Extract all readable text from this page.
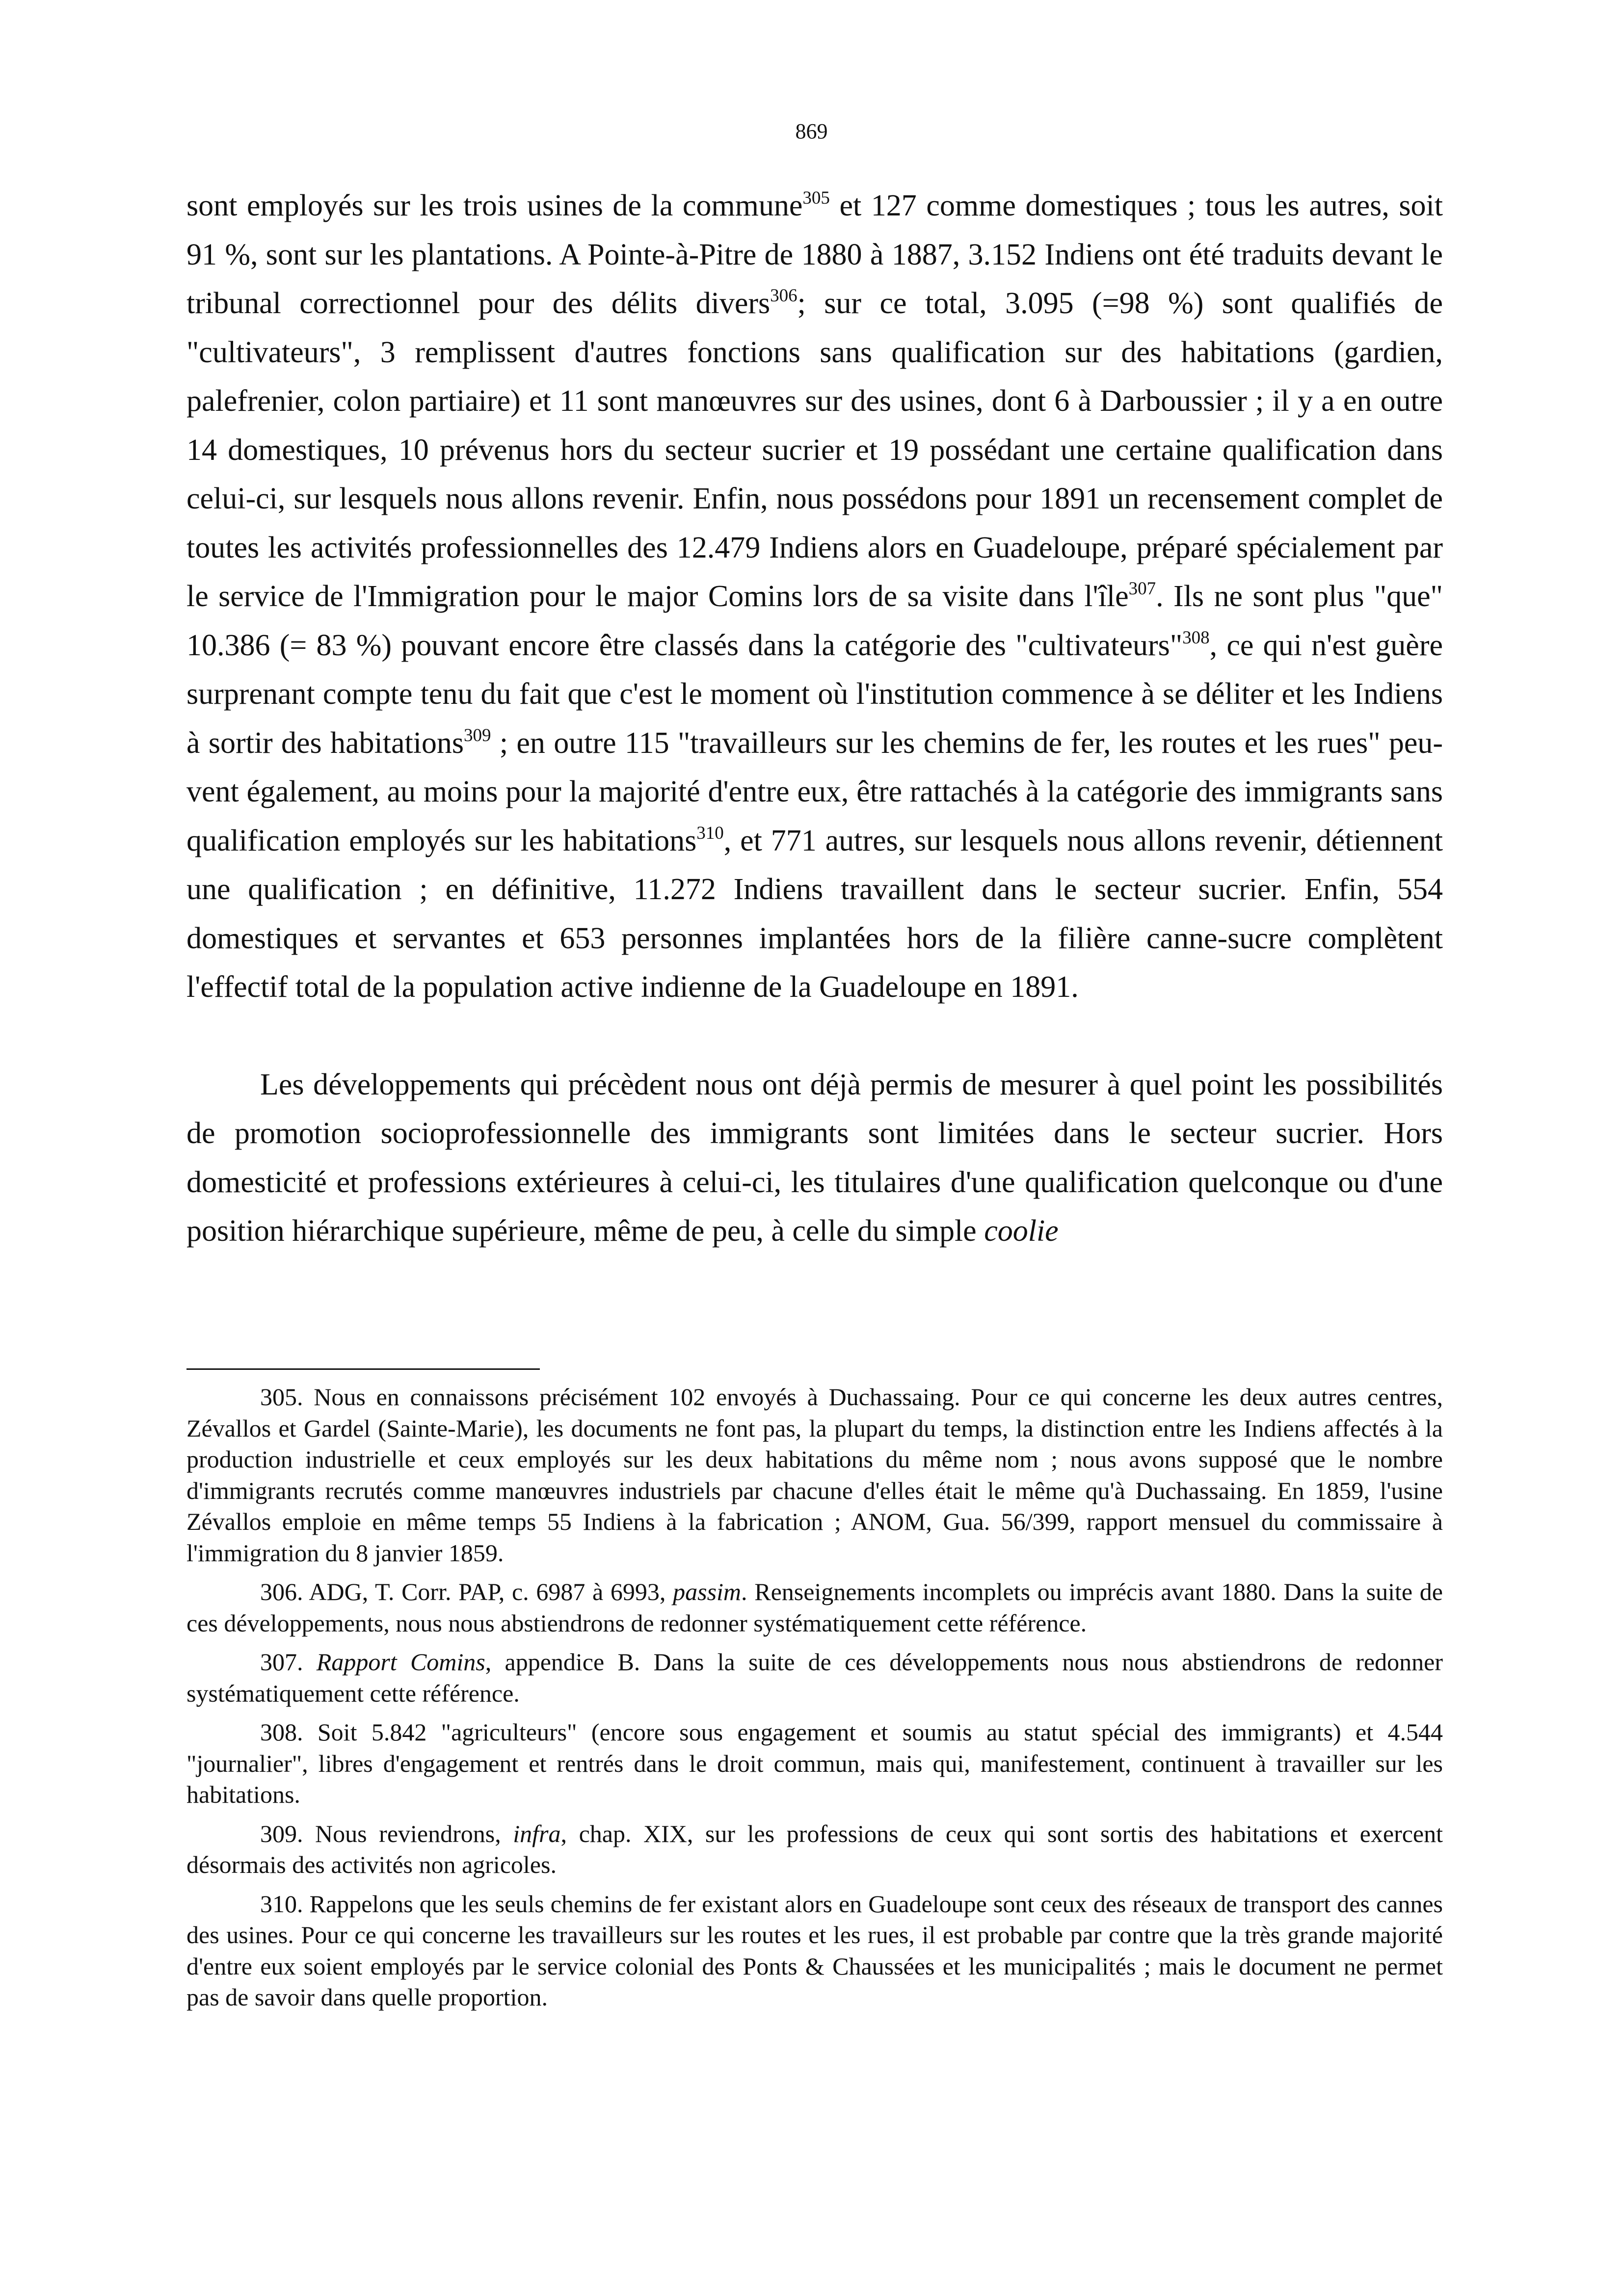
869

sont employés sur les trois usines de la commune$^{305}$ et 127 comme domestiques ; tous les autres, soit 91 %, sont sur les plantations. A Pointe-à-Pitre de 1880 à 1887, 3.152 Indiens ont été traduits devant le tribunal correctionnel pour des délits divers$^{306}$; sur ce total, 3.095 (=98 %) sont qualifiés de "cultivateurs", 3 remplissent d'autres fonctions sans qualification sur des habitations (gardien, palefrenier, colon partiaire) et 11 sont manœuvres sur des usines, dont 6 à Darboussier ; il y a en outre 14 domestiques, 10 prévenus hors du secteur sucrier et 19 possédant une certaine qualification dans celui-ci, sur lesquels nous allons revenir. Enfin, nous possédons pour 1891 un recensement complet de toutes les activités professionnelles des 12.479 Indiens alors en Guadeloupe, préparé spécialement par le service de l'Immigration pour le major Comins lors de sa visite dans l'île$^{307}$. Ils ne sont plus "que" 10.386 (= 83 %) pouvant encore être classés dans la catégorie des "cultivateurs"$^{308}$, ce qui n'est guère surprenant compte tenu du fait que c'est le moment où l'institution commence à se déliter et les Indiens à sortir des habitations$^{309}$ ; en outre 115 "travailleurs sur les chemins de fer, les routes et les rues" peuvent également, au moins pour la majorité d'entre eux, être rattachés à la catégorie des immigrants sans qualification employés sur les habitations$^{310}$, et 771 autres, sur lesquels nous allons revenir, détiennent une qualification ; en définitive, 11.272 Indiens travaillent dans le secteur sucrier. Enfin, 554 domestiques et servantes et 653 personnes implantées hors de la filière canne-sucre complètent l'effectif total de la population active indienne de la Guadeloupe en 1891.

Les développements qui précèdent nous ont déjà permis de mesurer à quel point les possibilités de promotion socioprofessionnelle des immigrants sont limitées dans le secteur sucrier. Hors domesticité et professions extérieures à celui-ci, les titulaires d'une qualification quelconque ou d'une position hiérarchique supérieure, même de peu, à celle du simple coolie

305. Nous en connaissons précisément 102 envoyés à Duchassaing. Pour ce qui concerne les deux autres centres, Zévallos et Gardel (Sainte-Marie), les documents ne font pas, la plupart du temps, la distinction entre les Indiens affectés à la production industrielle et ceux employés sur les deux habitations du même nom ; nous avons supposé que le nombre d'immigrants recrutés comme manœuvres industriels par chacune d'elles était le même qu'à Duchassaing. En 1859, l'usine Zévallos emploie en même temps 55 Indiens à la fabrication ; ANOM, Gua. 56/399, rapport mensuel du commissaire à l'immigration du 8 janvier 1859.

306. ADG, T. Corr. PAP, c. 6987 à 6993, passim. Renseignements incomplets ou imprécis avant 1880. Dans la suite de ces développements, nous nous abstiendrons de redonner systématiquement cette référence.

307. Rapport Comins, appendice B. Dans la suite de ces développements nous nous abstiendrons de redonner systématiquement cette référence.

308. Soit 5.842 "agriculteurs" (encore sous engagement et soumis au statut spécial des immigrants) et 4.544 "journalier", libres d'engagement et rentrés dans le droit commun, mais qui, manifestement, continuent à travailler sur les habitations.

309. Nous reviendrons, infra, chap. XIX, sur les professions de ceux qui sont sortis des habitations et exercent désormais des activités non agricoles.

310. Rappelons que les seuls chemins de fer existant alors en Guadeloupe sont ceux des réseaux de transport des cannes des usines. Pour ce qui concerne les travailleurs sur les routes et les rues, il est probable par contre que la très grande majorité d'entre eux soient employés par le service colonial des Ponts & Chaussées et les municipalités ; mais le document ne permet pas de savoir dans quelle proportion.
